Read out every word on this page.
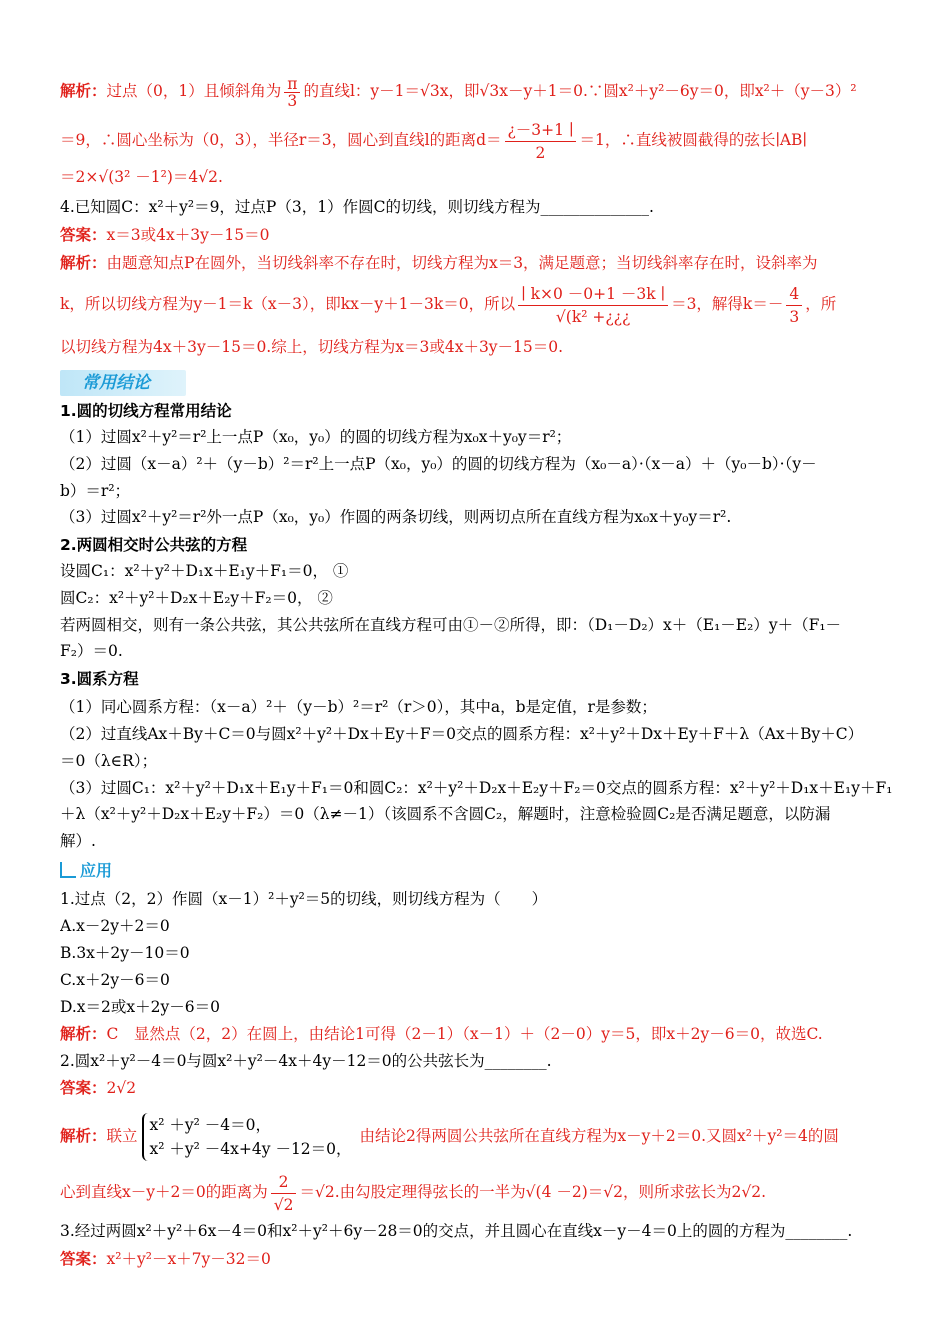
解析：过点（0，1）且倾斜角为 $\frac{\pi}{3}$ 的直线l：y－1＝√3x，即√3x－y＋1＝0.∵圆x²＋y²－6y＝0，即x²＋（y－3）²
＝9，∴圆心坐标为（0，3），半径r＝3，圆心到直线l的距离$d= \frac{¿-3+1 ∣}{2} =1$，∴直线被圆截得的弦长∣AB∣
＝2×√(3² －1²)＝4√2.
4.已知圆C：x²＋y²＝9，过点P（3，1）作圆C的切线，则切线方程为______________.
答案：x＝3或4x＋3y－15＝0
解析：由题意知点P在圆外，当切线斜率不存在时，切线方程为x＝3，满足题意；当切线斜率存在时，设斜率为
k，所以切线方程为y－1＝k（x－3），即kx－y＋1－3k＝0，所以 $\frac{∣ k\times 0 -0+1 -3k ∣}{\text{√(k² +¿¿¿}} =3$，解得$k=- \frac{4}{3}$ ，所
以切线方程为4x＋3y－15＝0.综上，切线方程为x＝3或4x＋3y－15＝0.
常用结论
1.圆的切线方程常用结论
（1）过圆x²＋y²＝r²上一点P（x₀，y₀）的圆的切线方程为x₀x＋y₀y＝r²；
（2）过圆（x－a）²＋（y－b）²＝r²上一点P（x₀，y₀）的圆的切线方程为（x₀－a）·（x－a）＋（y₀－b）·（y－
b）＝r²；
（3）过圆x²＋y²＝r²外一点P（x₀，y₀）作圆的两条切线，则两切点所在直线方程为x₀x＋y₀y＝r².
2.两圆相交时公共弦的方程
设圆C₁：x²＋y²＋D₁x＋E₁y＋F₁＝0， ①
圆C₂：x²＋y²＋D₂x＋E₂y＋F₂＝0， ②
若两圆相交，则有一条公共弦，其公共弦所在直线方程可由①－②所得，即：（D₁－D₂）x＋（E₁－E₂）y＋（F₁－
F₂）＝0.
3.圆系方程
（1）同心圆系方程：（x－a）²＋（y－b）²＝r²（r＞0），其中a，b是定值，r是参数；
（2）过直线Ax＋By＋C＝0与圆x²＋y²＋Dx＋Ey＋F＝0交点的圆系方程：x²＋y²＋Dx＋Ey＋F＋λ（Ax＋By＋C）
＝0（λ∈R）；
（3）过圆C₁：x²＋y²＋D₁x＋E₁y＋F₁＝0和圆C₂：x²＋y²＋D₂x＋E₂y＋F₂＝0交点的圆系方程：x²＋y²＋D₁x＋E₁y＋F₁
＋λ（x²＋y²＋D₂x＋E₂y＋F₂）＝0（λ≠－1）（该圆系不含圆C₂，解题时，注意检验圆C₂是否满足题意，以防漏
解）.
应用
1.过点（2，2）作圆（x－1）²＋y²＝5的切线，则切线方程为（　　）
A.x－2y＋2＝0
B.3x＋2y－10＝0
C.x＋2y－6＝0
D.x＝2或x＋2y－6＝0
解析：C　显然点（2，2）在圆上，由结论1可得（2－1）（x－1）＋（2－0）y＝5，即x＋2y－6＝0，故选C.
2.圆x²＋y²－4＝0与圆x²＋y²－4x＋4y－12＝0的公共弦长为________.
答案：2√2
解析：联立
x² ＋y² －4＝0，
x² ＋y² －4x+4y －12＝0，
由结论2得两圆公共弦所在直线方程为x－y＋2＝0.又圆x²＋y²＝4的圆
心到直线x－y＋2＝0的距离为 $\frac{2}{√2} =√2$.由勾股定理得弦长的一半为√(4 －2)＝√2，则所求弦长为2√2.
3.经过两圆x²＋y²＋6x－4＝0和x²＋y²＋6y－28＝0的交点，并且圆心在直线x－y－4＝0上的圆的方程为________.
答案：x²＋y²－x＋7y－32＝0
